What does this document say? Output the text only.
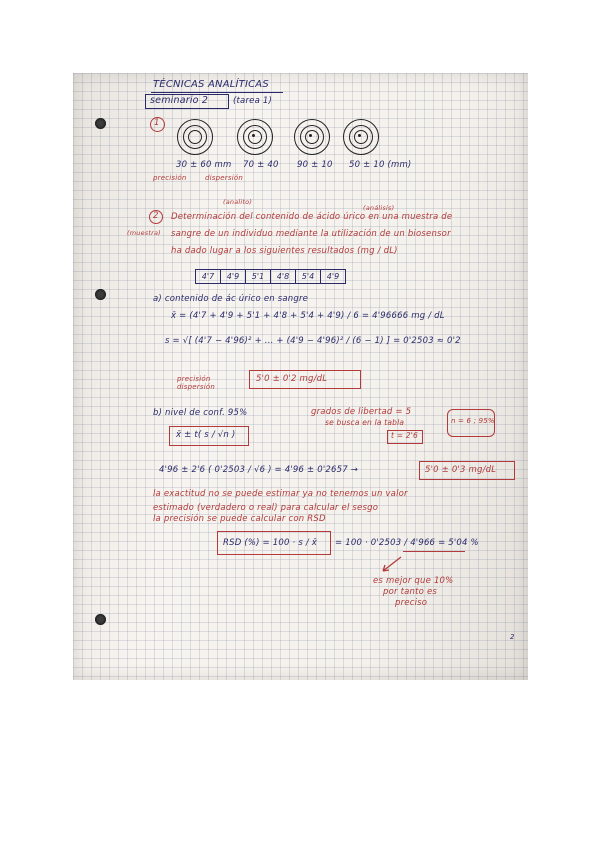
TÉCNICAS ANALÍTICAS
seminario 2	(tarea 1)
1
30 ± 60 mm 70 ± 40 90 ± 10 50 ± 10 (mm)
precisión	dispersión
(analito)
(análisis)
2 Determinación del contenido de ácido úrico en una muestra de
(muestra) sangre de un individuo mediante la utilización de un biosensor
ha dado lugar a los siguientes resultados (mg / dL)
4'7	4'9	5'1	4'8	5'4	4'9
a) contenido de ác úrico en sangre
x̄ = (4'7 + 4'9 + 5'1 + 4'8 + 5'4 + 4'9) / 6 = 4'96666 mg / dL
s = √[ (4'7 − 4'96)² + ... + (4'9 − 4'96)² / (6 − 1) ] = 0'2503 ≈ 0'2
precisión
dispersión
5'0 ± 0'2 mg/dL
b) nivel de conf. 95%
x̄ ± t( s / √n )
grados de libertad = 5
se busca en la tabla
t = 2'6
n = 6 ; 95%
4'96 ± 2'6 ( 0'2503 / √6 ) = 4'96 ± 0'2657 →	5'0 ± 0'3 mg/dL
la exactitud no se puede estimar ya no tenemos un valor
estimado (verdadero o real) para calcular el sesgo
la precisión se puede calcular con RSD
RSD (%) = 100 · s / x̄ = 100 · 0'2503 / 4'966 = 5'04 %
es mejor que 10%
por tanto es
preciso
2
